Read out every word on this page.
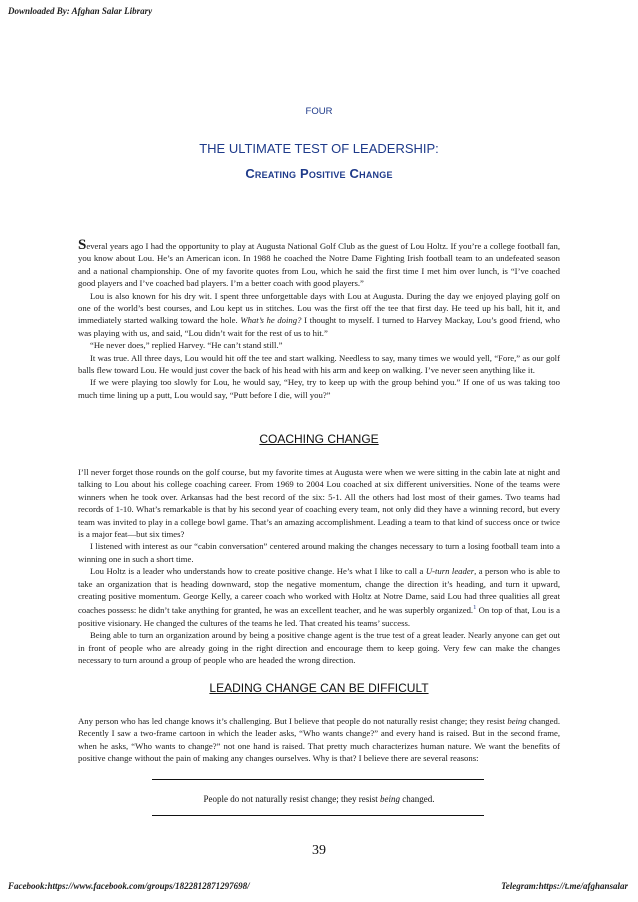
Downloaded By: Afghan Salar Library
FOUR
THE ULTIMATE TEST OF LEADERSHIP:
Creating Positive Change

Several years ago I had the opportunity to play at Augusta National Golf Club as the guest of Lou Holtz. If you’re a college football fan, you know about Lou. He’s an American icon. In 1988 he coached the Notre Dame Fighting Irish football team to an undefeated season and a national championship. One of my favorite quotes from Lou, which he said the first time I met him over lunch, is “I’ve coached good players and I’ve coached bad players. I’m a better coach with good players.”

Lou is also known for his dry wit. I spent three unforgettable days with Lou at Augusta. During the day we enjoyed playing golf on one of the world’s best courses, and Lou kept us in stitches. Lou was the first off the tee that first day. He teed up his ball, hit it, and immediately started walking toward the hole. What’s he doing? I thought to myself. I turned to Harvey Mackay, Lou’s good friend, who was playing with us, and said, “Lou didn’t wait for the rest of us to hit.”

“He never does,” replied Harvey. “He can’t stand still.”

It was true. All three days, Lou would hit off the tee and start walking. Needless to say, many times we would yell, “Fore,” as our golf balls flew toward Lou. He would just cover the back of his head with his arm and keep on walking. I’ve never seen anything like it.

If we were playing too slowly for Lou, he would say, “Hey, try to keep up with the group behind you.” If one of us was taking too much time lining up a putt, Lou would say, “Putt before I die, will you?”

COACHING CHANGE

I’ll never forget those rounds on the golf course, but my favorite times at Augusta were when we were sitting in the cabin late at night and talking to Lou about his college coaching career. From 1969 to 2004 Lou coached at six different universities. None of the teams were winners when he took over. Arkansas had the best record of the six: 5-1. All the others had lost most of their games. Two teams had records of 1-10. What’s remarkable is that by his second year of coaching every team, not only did they have a winning record, but every team was invited to play in a college bowl game. That’s an amazing accomplishment. Leading a team to that kind of success once or twice is a major feat—but six times?

I listened with interest as our “cabin conversation” centered around making the changes necessary to turn a losing football team into a winning one in such a short time.

Lou Holtz is a leader who understands how to create positive change. He’s what I like to call a U-turn leader, a person who is able to take an organization that is heading downward, stop the negative momentum, change the direction it’s heading, and turn it upward, creating positive momentum. George Kelly, a career coach who worked with Holtz at Notre Dame, said Lou had three qualities all great coaches possess: he didn’t take anything for granted, he was an excellent teacher, and he was superbly organized.$^1$ On top of that, Lou is a positive visionary. He changed the cultures of the teams he led. That created his teams’ success.

Being able to turn an organization around by being a positive change agent is the true test of a great leader. Nearly anyone can get out in front of people who are already going in the right direction and encourage them to keep going. Very few can make the changes necessary to turn around a group of people who are headed the wrong direction.

LEADING CHANGE CAN BE DIFFICULT

Any person who has led change knows it’s challenging. But I believe that people do not naturally resist change; they resist being changed. Recently I saw a two-frame cartoon in which the leader asks, “Who wants change?” and every hand is raised. But in the second frame, when he asks, “Who wants to change?” not one hand is raised. That pretty much characterizes human nature. We want the benefits of positive change without the pain of making any changes ourselves. Why is that? I believe there are several reasons:

People do not naturally resist change; they resist being changed.
39
Facebook:https://www.facebook.com/groups/1822812871297698/	Telegram:https://t.me/afghansalar
